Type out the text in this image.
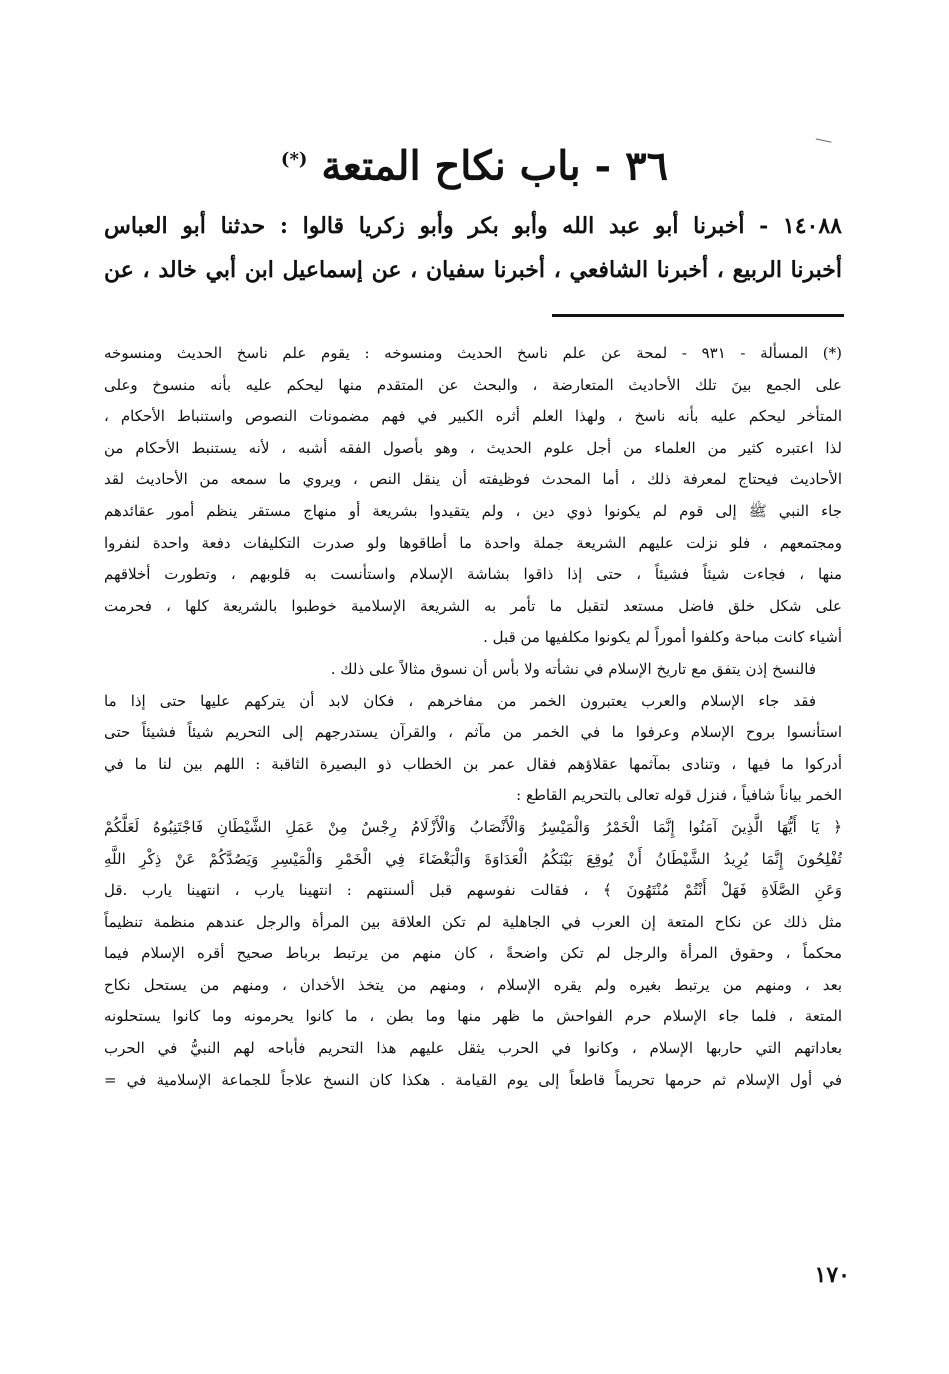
٣٦ - باب نكاح المتعة (*)
١٤٠٨٨ - أخبرنا أبو عبد الله وأبو بكر وأبو زكريا قالوا : حدثنا أبو العباس
أخبرنا الربيع ، أخبرنا الشافعي ، أخبرنا سفيان ، عن إسماعيل ابن أبي خالد ، عن
(*) المسألة - ٩٣١ - لمحة عن علم ناسخ الحديث ومنسوخه : يقوم علم ناسخ الحديث ومنسوخه
على الجمع بينَ تلك الأحاديث المتعارضة ، والبحث عن المتقدم منها ليحكم عليه بأنه منسوخ وعلى
المتأخر ليحكم عليه بأنه ناسخ ، ولهذا العلم أثره الكبير في فهم مضمونات النصوص واستنباط الأحكام ،
لذا اعتبره كثير من العلماء من أجل علوم الحديث ، وهو بأصول الفقه أشبه ، لأنه يستنبط الأحكام من
الأحاديث فيحتاج لمعرفة ذلك ، أما المحدث فوظيفته أن ينقل النص ، ويروي ما سمعه من الأحاديث لقد
جاء النبي ﷺ إلى قوم لم يكونوا ذوي دين ، ولم يتقيدوا بشريعة أو منهاج مستقر ينظم أمور عقائدهم
ومجتمعهم ، فلو نزلت عليهم الشريعة جملة واحدة ما أطاقوها ولو صدرت التكليفات دفعة واحدة لنفروا
منها ، فجاءت شيئاً فشيئاً ، حتى إذا ذاقوا بشاشة الإسلام واستأنست به قلوبهم ، وتطورت أخلاقهم
على شكل خلق فاضل مستعد لتقبل ما تأمر به الشريعة الإسلامية خوطبوا بالشريعة كلها ، فحرمت
أشياء كانت مباحة وكلفوا أموراً لم يكونوا مكلفيها من قبل .
فالنسخ إذن يتفق مع تاريخ الإسلام في نشأته ولا بأس أن نسوق مثالاً على ذلك .
فقد جاء الإسلام والعرب يعتبرون الخمر من مفاخرهم ، فكان لابد أن يتركهم عليها حتى إذا ما
استأنسوا بروح الإسلام وعرفوا ما في الخمر من مآثم ، والقرآن يستدرجهم إلى التحريم شيئاً فشيئاً حتى
أدركوا ما فيها ، وتنادى بمآثمها عقلاؤهم فقال عمر بن الخطاب ذو البصيرة الثاقبة : اللهم بين لنا ما في
الخمر بياناً شافياً ، فنزل قوله تعالى بالتحريم القاطع :
﴿ يَا أَيُّهَا الَّذِينَ آمَنُوا إِنَّمَا الْخَمْرُ وَالْمَيْسِرُ وَالْأَنْصَابُ وَالْأَزْلَامُ رِجْسٌ مِنْ عَمَلِ الشَّيْطَانِ فَاجْتَنِبُوهُ لَعَلَّكُمْ
تُفْلِحُونَ إِنَّمَا يُرِيدُ الشَّيْطَانُ أَنْ يُوقِعَ بَيْنَكُمُ الْعَدَاوَةَ وَالْبَغْضَاءَ فِي الْخَمْرِ وَالْمَيْسِرِ وَيَصُدَّكُمْ عَنْ ذِكْرِ اللَّهِ
وَعَنِ الصَّلَاةِ فَهَلْ أَنْتُمْ مُنْتَهُونَ ﴾ ، فقالت نفوسهم قبل ألسنتهم : انتهينا يارب ، انتهينا يارب .قل
مثل ذلك عن نكاح المتعة إن العرب في الجاهلية لم تكن العلاقة بين المرأة والرجل عندهم منظمة تنظيماً
محكماً ، وحقوق المرأة والرجل لم تكن واضحةً ، كان منهم من يرتبط برباط صحيح أقره الإسلام فيما
بعد ، ومنهم من يرتبط بغيره ولم يقره الإسلام ، ومنهم من يتخذ الأخدان ، ومنهم من يستحل نكاح
المتعة ، فلما جاء الإسلام حرم الفواحش ما ظهر منها وما بطن ، ما كانوا يحرمونه وما كانوا يستحلونه
بعاداتهم التي حاربها الإسلام ، وكانوا في الحرب يثقل عليهم هذا التحريم فأباحه لهم النبيُّ في الحرب
في أول الإسلام ثم حرمها تحريماً قاطعاً إلى يوم القيامة . هكذا كان النسخ علاجاً للجماعة الإسلامية في =
١٧٠
